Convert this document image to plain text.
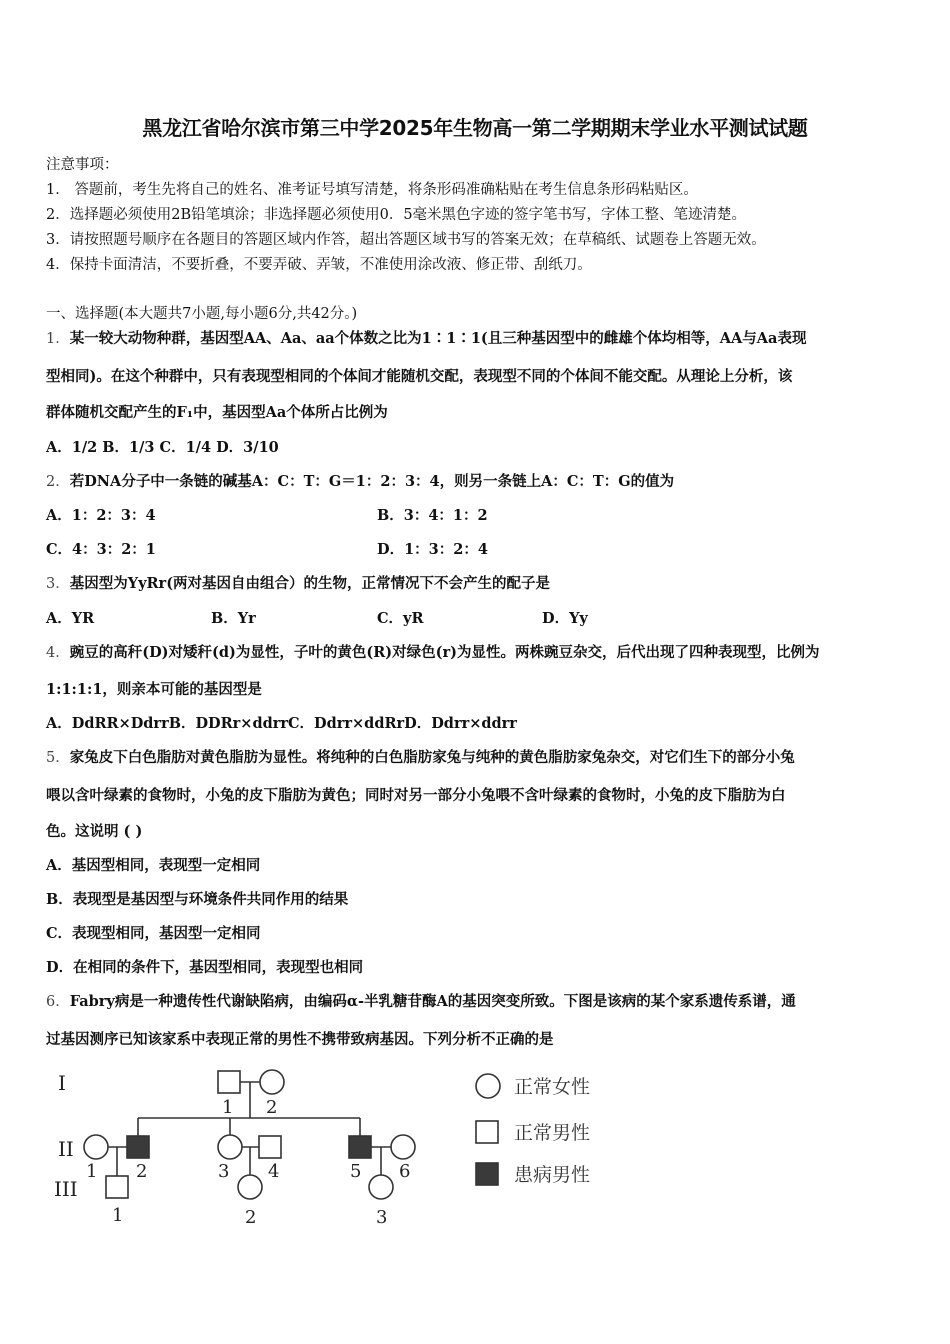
黑龙江省哈尔滨市第三中学2025年生物高一第二学期期末学业水平测试试题
注意事项：
1． 答题前，考生先将自己的姓名、准考证号填写清楚，将条形码准确粘贴在考生信息条形码粘贴区。
2．选择题必须使用2B铅笔填涂；非选择题必须使用0．5毫米黑色字迹的签字笔书写，字体工整、笔迹清楚。
3．请按照题号顺序在各题目的答题区域内作答，超出答题区域书写的答案无效；在草稿纸、试题卷上答题无效。
4．保持卡面清洁，不要折叠，不要弄破、弄皱，不准使用涂改液、修正带、刮纸刀。
一、选择题(本大题共7小题,每小题6分,共42分。)
1．某一较大动物种群，基因型AA、Aa、aa个体数之比为1∶1∶1(且三种基因型中的雌雄个体均相等，AA与Aa表现
型相同)。在这个种群中，只有表现型相同的个体间才能随机交配，表现型不同的个体间不能交配。从理论上分析，该
群体随机交配产生的F₁中，基因型Aa个体所占比例为
A．1/2 B．1/3 C．1/4 D．3/10
2．若DNA分子中一条链的碱基A：C：T：G＝1：2：3：4，则另一条链上A：C：T：G的值为
A．1：2：3：4	B．3：4：1：2
C．4：3：2：1	D．1：3：2：4
3．基因型为YyRr(两对基因自由组合）的生物，正常情况下不会产生的配子是
A．YR	B．Yr	C．yR	D．Yy
4．豌豆的高秆(D)对矮秆(d)为显性，子叶的黄色(R)对绿色(r)为显性。两株豌豆杂交，后代出现了四种表现型，比例为
1:1:1:1，则亲本可能的基因型是
A．DdRR×DdrrB．DDRr×ddrrC．Ddrr×ddRrD．Ddrr×ddrr
5．家兔皮下白色脂肪对黄色脂肪为显性。将纯种的白色脂肪家兔与纯种的黄色脂肪家兔杂交，对它们生下的部分小兔
喂以含叶绿素的食物时，小兔的皮下脂肪为黄色；同时对另一部分小兔喂不含叶绿素的食物时，小兔的皮下脂肪为白
色。这说明 ( )
A．基因型相同，表现型一定相同
B．表现型是基因型与环境条件共同作用的结果
C．表现型相同，基因型一定相同
D．在相同的条件下，基因型相同，表现型也相同
6．Fabry病是一种遗传性代谢缺陷病，由编码α-半乳糖苷酶A的基因突变所致。下图是该病的某个家系遗传系谱，通
过基因测序已知该家系中表现正常的男性不携带致病基因。下列分析不正确的是
I
II
III
1 2
1 2	3 4	5 6
1	2	3
正常女性
正常男性
患病男性
